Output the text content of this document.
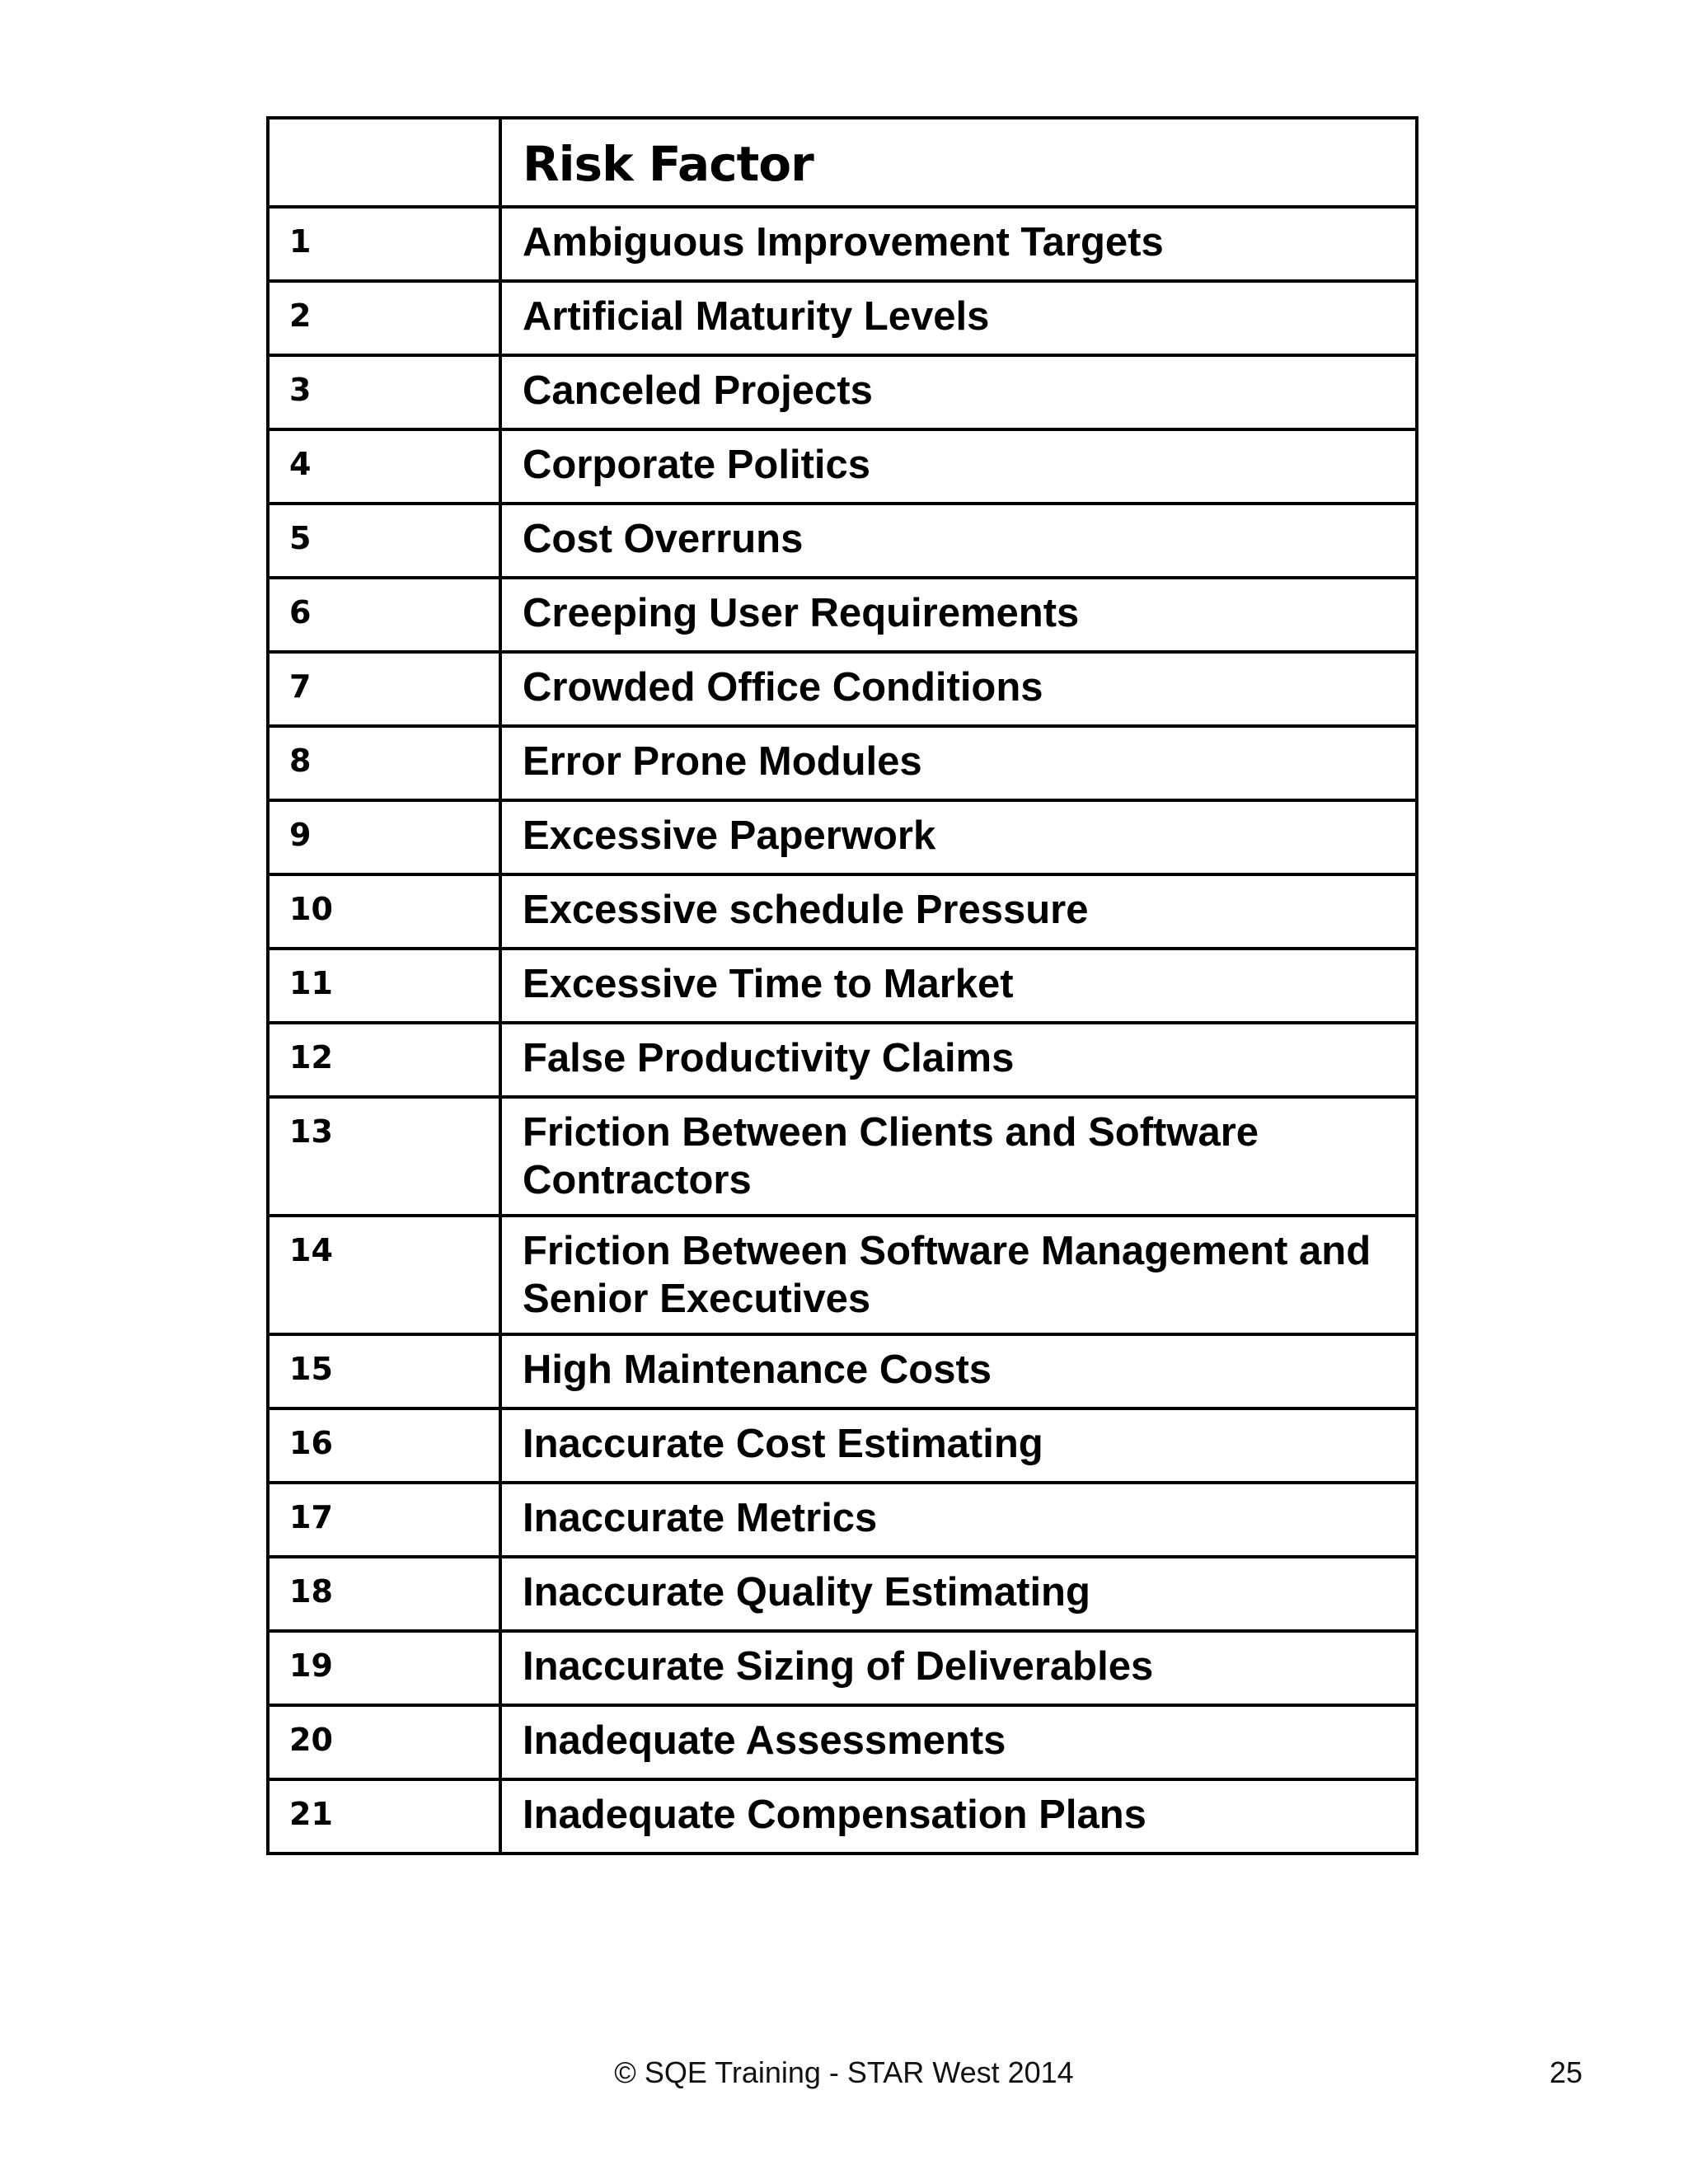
	Risk Factor
1	Ambiguous Improvement Targets
2	Artificial Maturity Levels
3	Canceled Projects
4	Corporate Politics
5	Cost Overruns
6	Creeping User Requirements
7	Crowded Office Conditions
8	Error Prone Modules
9	Excessive Paperwork
10	Excessive schedule Pressure
11	Excessive Time to Market
12	False Productivity Claims
13	Friction Between Clients and Software Contractors
14	Friction Between Software Management and Senior Executives
15	High Maintenance Costs
16	Inaccurate Cost Estimating
17	Inaccurate Metrics
18	Inaccurate Quality Estimating
19	Inaccurate Sizing of Deliverables
20	Inadequate Assessments
21	Inadequate Compensation Plans
© SQE Training - STAR West 2014	25
